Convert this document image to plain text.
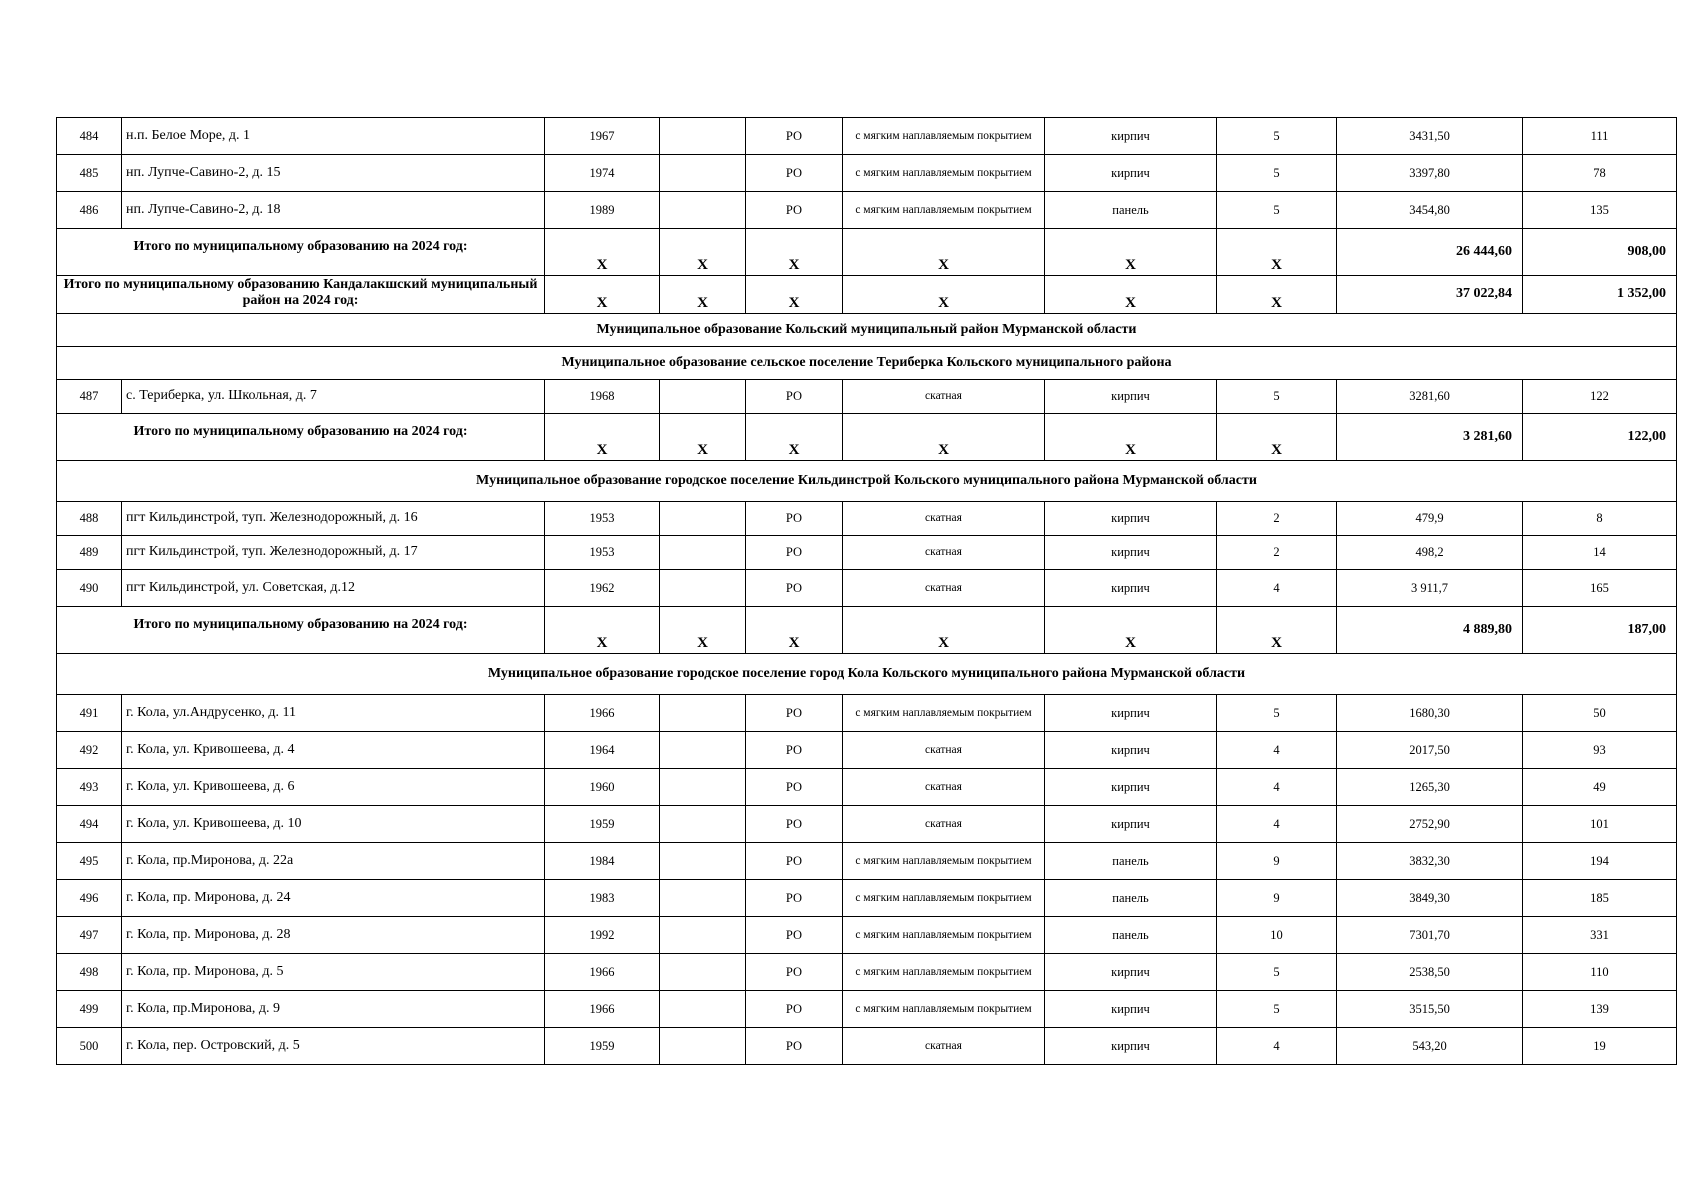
484	н.п. Белое Море, д. 1	1967		РО	с мягким наплавляемым покрытием	кирпич	5	3431,50	111
485	нп. Лупче-Савино-2, д. 15	1974		РО	с мягким наплавляемым покрытием	кирпич	5	3397,80	78
486	нп. Лупче-Савино-2, д. 18	1989		РО	с мягким наплавляемым покрытием	панель	5	3454,80	135
Итого по муниципальному образованию на 2024 год:		X	X	X	X	X	X	26 444,60	908,00
Итого по муниципальному образованию Кандалакшский муниципальный район на 2024 год:		X	X	X	X	X	X	37 022,84	1 352,00
Муниципальное образование Кольский муниципальный район Мурманской области									
Муниципальное образование сельское поселение Териберка Кольского муниципального района									
487	с. Териберка, ул. Школьная, д. 7	1968		РО	скатная	кирпич	5	3281,60	122
Итого по муниципальному образованию на 2024 год:		X	X	X	X	X	X	3 281,60	122,00
Муниципальное образование городское поселение Кильдинстрой Кольского муниципального района Мурманской области									
488	пгт Кильдинстрой, туп. Железнодорожный, д. 16	1953		РО	скатная	кирпич	2	479,9	8
489	пгт Кильдинстрой, туп. Железнодорожный, д. 17	1953		РО	скатная	кирпич	2	498,2	14
490	пгт Кильдинстрой, ул. Советская, д.12	1962		РО	скатная	кирпич	4	3 911,7	165
Итого по муниципальному образованию на 2024 год:		X	X	X	X	X	X	4 889,80	187,00
Муниципальное образование городское поселение город Кола Кольского муниципального района Мурманской области									
491	г. Кола, ул.Андрусенко, д. 11	1966		РО	с мягким наплавляемым покрытием	кирпич	5	1680,30	50
492	г. Кола, ул. Кривошеева, д. 4	1964		РО	скатная	кирпич	4	2017,50	93
493	г. Кола, ул. Кривошеева, д. 6	1960		РО	скатная	кирпич	4	1265,30	49
494	г. Кола, ул. Кривошеева, д. 10	1959		РО	скатная	кирпич	4	2752,90	101
495	г. Кола, пр.Миронова, д. 22а	1984		РО	с мягким наплавляемым покрытием	панель	9	3832,30	194
496	г. Кола, пр. Миронова, д. 24	1983		РО	с мягким наплавляемым покрытием	панель	9	3849,30	185
497	г. Кола, пр. Миронова, д. 28	1992		РО	с мягким наплавляемым покрытием	панель	10	7301,70	331
498	г. Кола, пр. Миронова, д. 5	1966		РО	с мягким наплавляемым покрытием	кирпич	5	2538,50	110
499	г. Кола, пр.Миронова, д. 9	1966		РО	с мягким наплавляемым покрытием	кирпич	5	3515,50	139
500	г. Кола, пер. Островский, д. 5	1959		РО	скатная	кирпич	4	543,20	19
